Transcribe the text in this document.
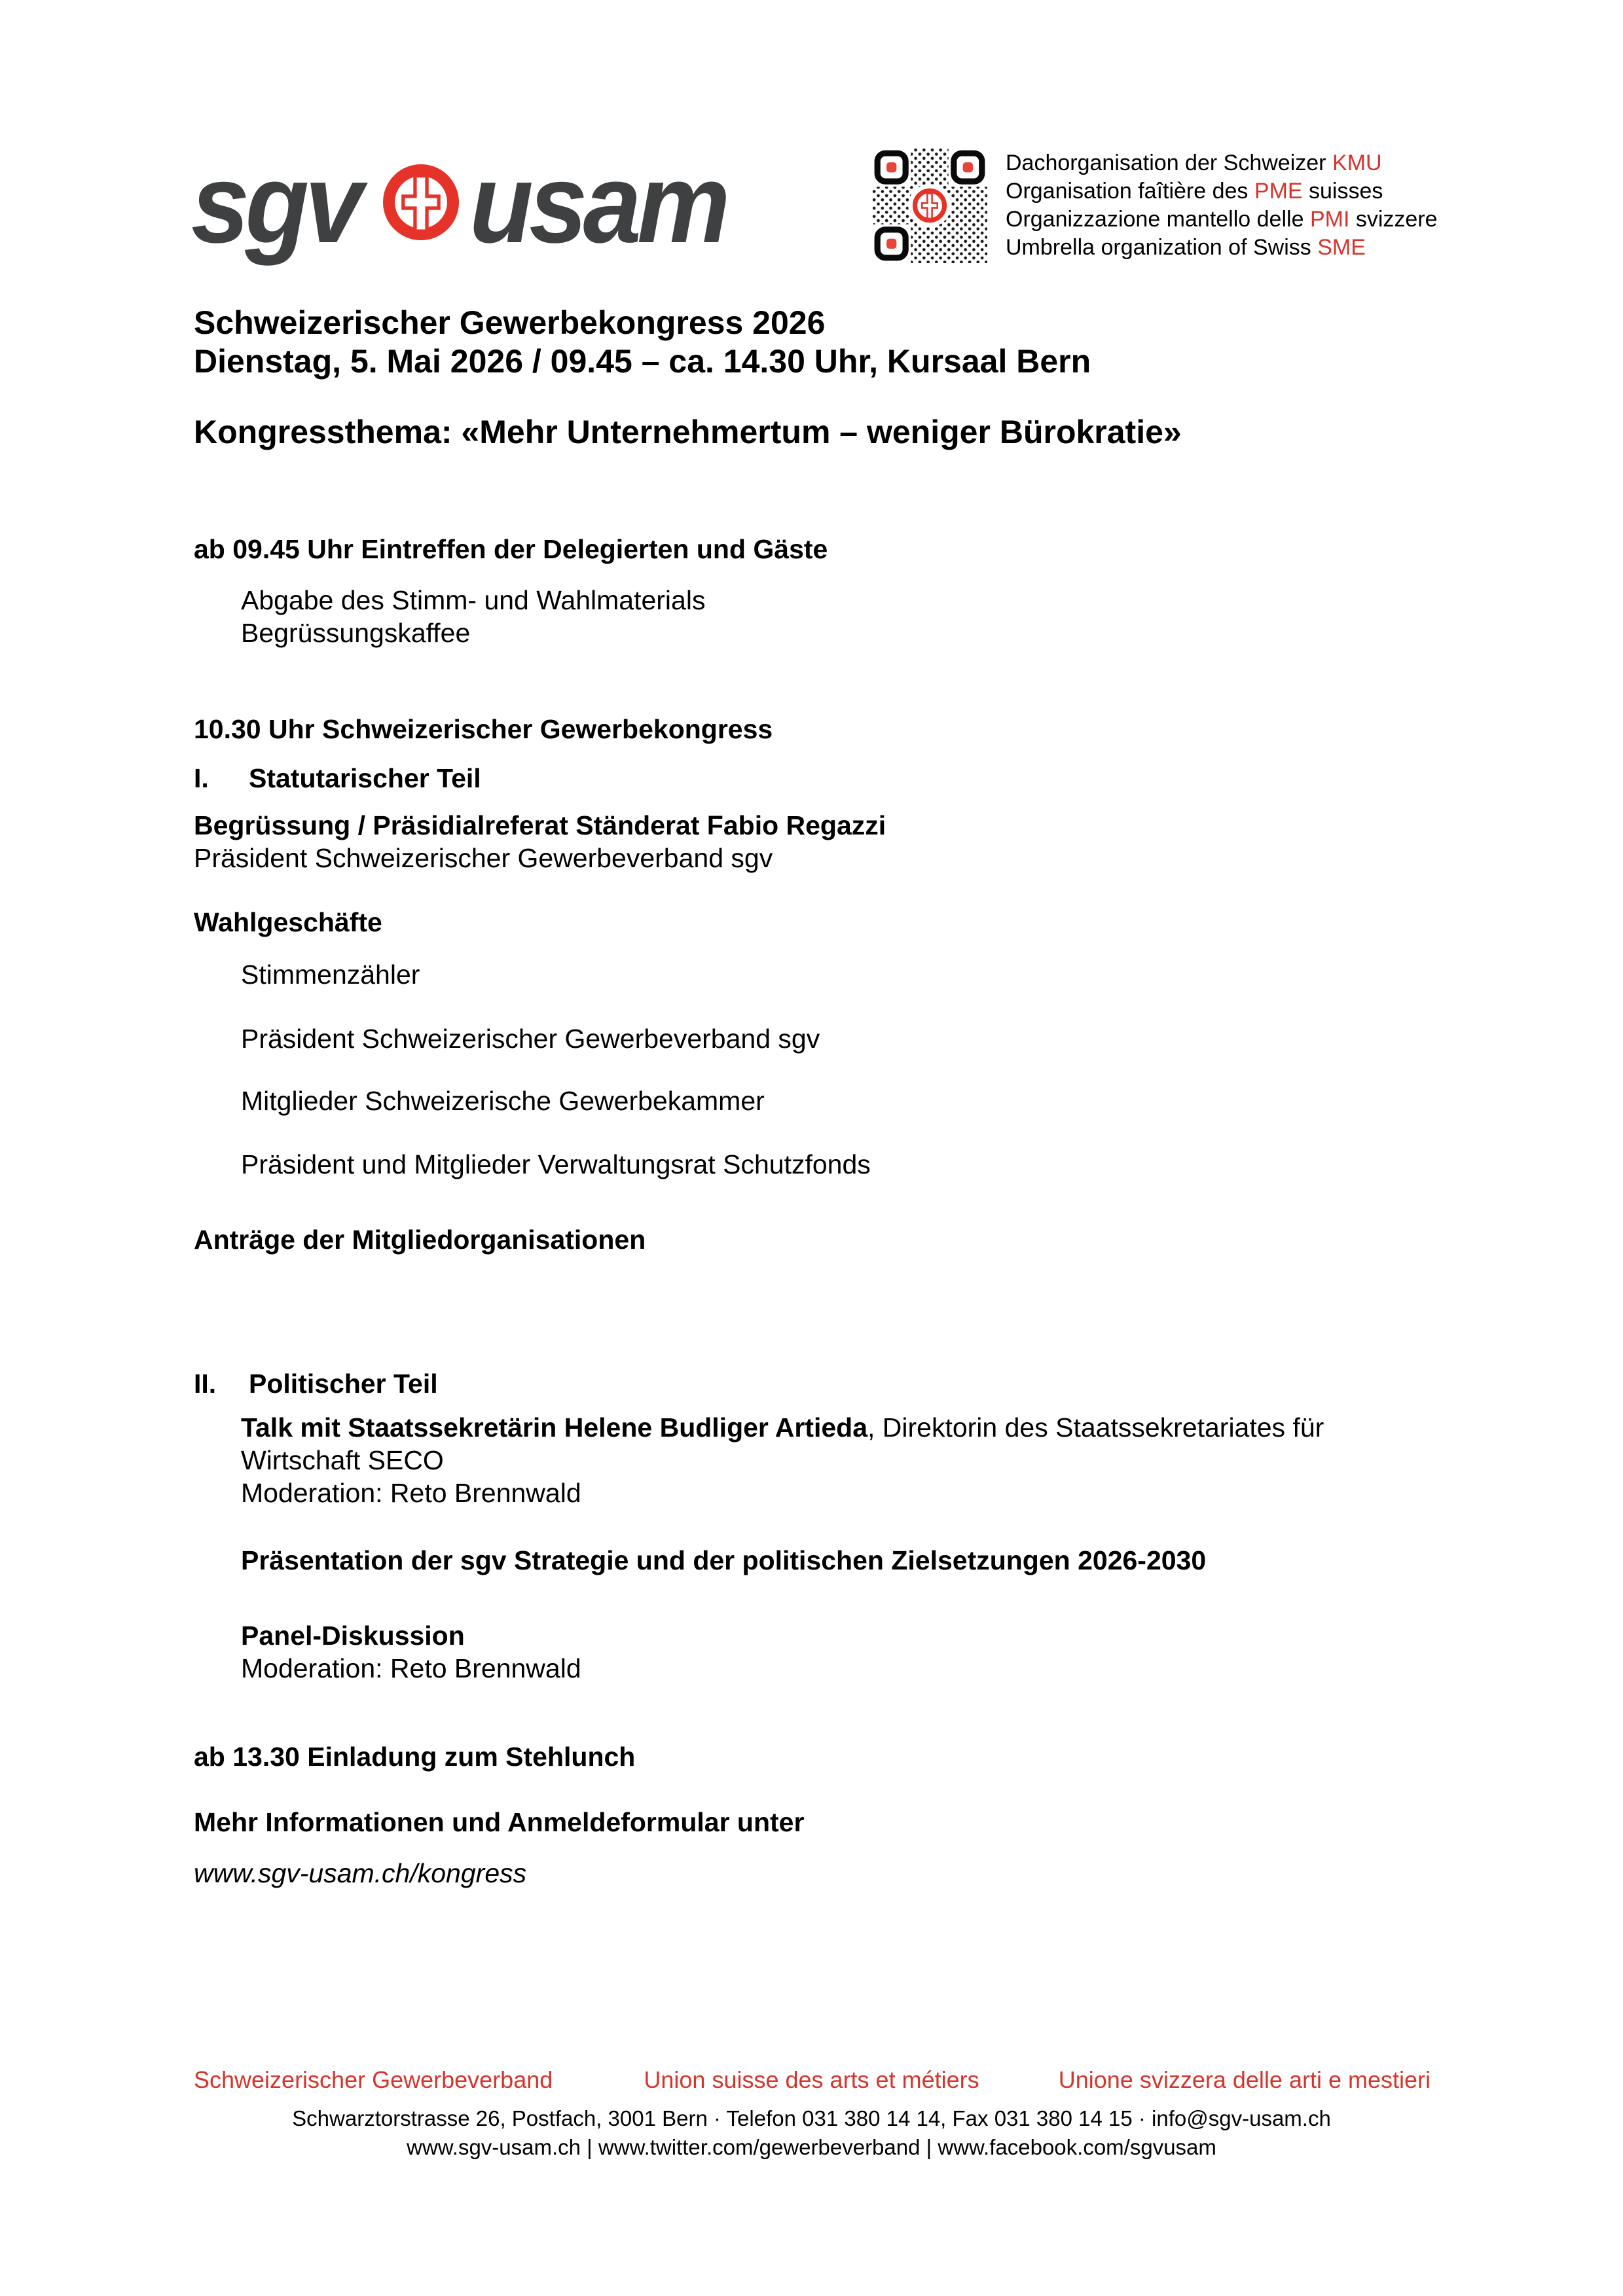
sgv usam	Dachorganisation der Schweizer KMU
Organisation faîtière des PME suisses
Organizzazione mantello delle PMI svizzere
Umbrella organization of Swiss SME
Schweizerischer Gewerbekongress 2026
Dienstag, 5. Mai 2026 / 09.45 – ca. 14.30 Uhr, Kursaal Bern
Kongressthema: «Mehr Unternehmertum – weniger Bürokratie»
ab 09.45 Uhr Eintreffen der Delegierten und Gäste
Abgabe des Stimm- und Wahlmaterials
Begrüssungskaffee
10.30 Uhr Schweizerischer Gewerbekongress
I.	Statutarischer Teil
Begrüssung / Präsidialreferat Ständerat Fabio Regazzi
Präsident Schweizerischer Gewerbeverband sgv
Wahlgeschäfte
Stimmenzähler
Präsident Schweizerischer Gewerbeverband sgv
Mitglieder Schweizerische Gewerbekammer
Präsident und Mitglieder Verwaltungsrat Schutzfonds
Anträge der Mitgliedorganisationen
II.	Politischer Teil
Talk mit Staatssekretärin Helene Budliger Artieda, Direktorin des Staatssekretariates für Wirtschaft SECO
Moderation: Reto Brennwald
Präsentation der sgv Strategie und der politischen Zielsetzungen 2026-2030
Panel-Diskussion
Moderation: Reto Brennwald
ab 13.30 Einladung zum Stehlunch
Mehr Informationen und Anmeldeformular unter
www.sgv-usam.ch/kongress
Schweizerischer Gewerbeverband	Union suisse des arts et métiers	Unione svizzera delle arti e mestieri
Schwarztorstrasse 26, Postfach, 3001 Bern · Telefon 031 380 14 14, Fax 031 380 14 15 · info@sgv-usam.ch
www.sgv-usam.ch | www.twitter.com/gewerbeverband | www.facebook.com/sgvusam
